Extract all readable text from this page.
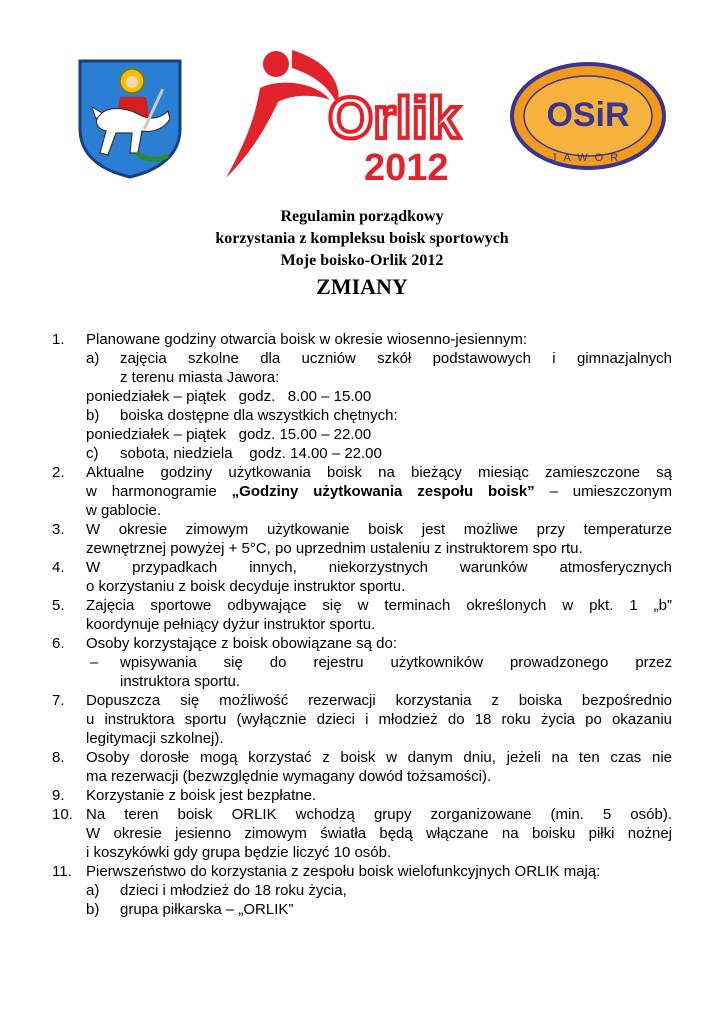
Orlik
2012
OSiR
JAWOR
Regulamin porządkowy
korzystania z kompleksu boisk sportowych
Moje boisko-Orlik 2012
ZMIANY
1.	Planowane godziny otwarcia boisk w okresie wiosenno-jesiennym:
a) zajęcia szkolne dla uczniów szkół podstawowych i gimnazjalnych
z terenu miasta Jawora:
poniedziałek – piątek   godz.   8.00 – 15.00
b) boiska dostępne dla wszystkich chętnych:
poniedziałek – piątek   godz. 15.00 – 22.00
c) sobota, niedziela    godz. 14.00 – 22.00
2.	Aktualne godziny użytkowania boisk na bieżący miesiąc zamieszczone są
w harmonogramie „Godziny użytkowania zespołu boisk” – umieszczonym
w gablocie.
3.	W okresie zimowym użytkowanie boisk jest możliwe przy temperaturze
zewnętrznej powyżej + 5°C, po uprzednim ustaleniu z instruktorem spo rtu.
4.	W przypadkach innych, niekorzystnych warunków atmosferycznych
o korzystaniu z boisk decyduje instruktor sportu.
5.	Zajęcia sportowe odbywające się w terminach określonych w pkt. 1 „b”
koordynuje pełniący dyżur instruktor sportu.
6.	Osoby korzystające z boisk obowiązane są do:
– wpisywania się do rejestru użytkowników prowadzonego przez
instruktora sportu.
7.	Dopuszcza się możliwość rezerwacji korzystania z boiska bezpośrednio
u instruktora sportu (wyłącznie dzieci i młodzież do 18 roku życia po okazaniu
legitymacji szkolnej).
8.	Osoby dorosłe mogą korzystać z boisk w danym dniu, jeżeli na ten czas nie
ma rezerwacji (bezwzględnie wymagany dowód tożsamości).
9.	Korzystanie z boisk jest bezpłatne.
10. Na teren boisk ORLIK wchodzą grupy zorganizowane (min. 5 osób).
W okresie jesienno zimowym światła będą włączane na boisku piłki nożnej
i koszykówki gdy grupa będzie liczyć 10 osób.
11. Pierwszeństwo do korzystania z zespołu boisk wielofunkcyjnych ORLIK mają:
a) dzieci i młodzież do 18 roku życia,
b) grupa piłkarska – „ORLIK”
